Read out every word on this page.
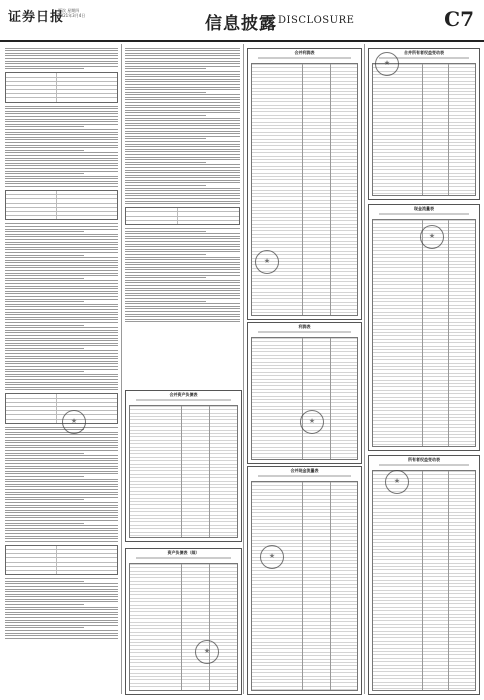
证券日报
版次 星期四
2021年3月4日	信息披露 DISCLOSURE	C7
合并资产负债表
资产负债表（续）
合并利润表
利润表
合并现金流量表
合并所有者权益变动表
现金流量表
所有者权益变动表
★
★
★
★
★
★
★
★
